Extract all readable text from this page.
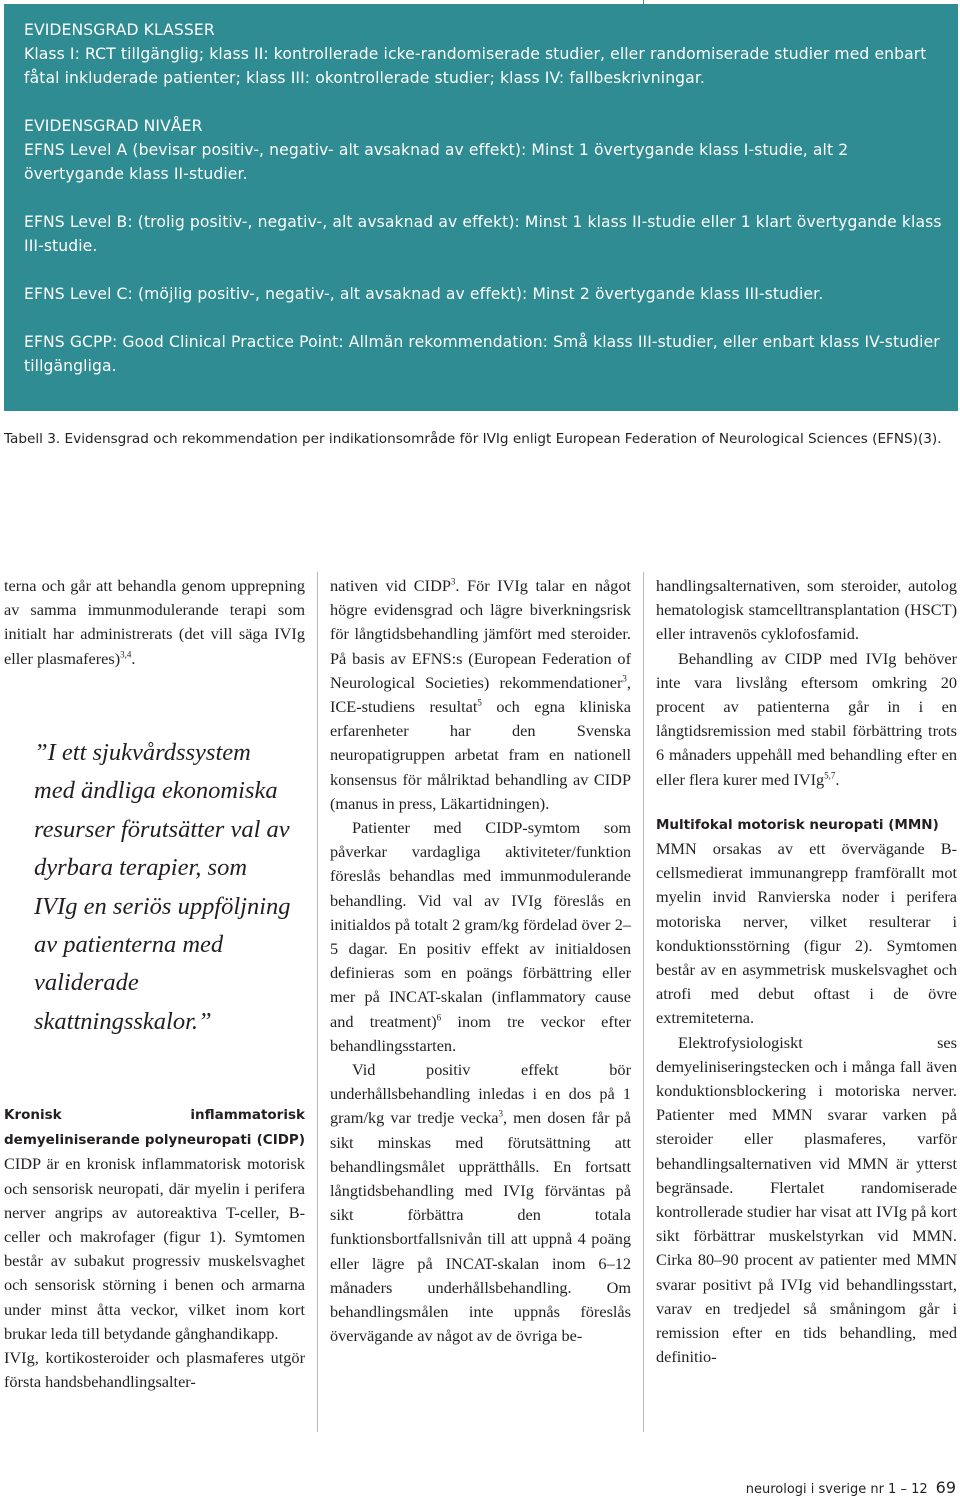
EVIDENSGRAD KLASSER

Klass I: RCT tillgänglig; klass II: kontrollerade icke-randomiserade studier, eller randomiserade studier med enbart fåtal inkluderade patienter; klass III: okontrollerade studier; klass IV: fallbeskrivningar.

EVIDENSGRAD NIVÅER

EFNS Level A (bevisar positiv-, negativ- alt avsaknad av effekt): Minst 1 övertygande klass I-studie, alt 2 övertygande klass II-studier.

EFNS Level B: (trolig positiv-, negativ-, alt avsaknad av effekt): Minst 1 klass II-studie eller 1 klart övertygande klass III-studie.

EFNS Level C: (möjlig positiv-, negativ-, alt avsaknad av effekt): Minst 2 övertygande klass III-studier.

EFNS GCPP: Good Clinical Practice Point: Allmän rekommendation: Små klass III-studier, eller enbart klass IV-studier tillgängliga.

Tabell 3. Evidensgrad och rekommendation per indikationsområde för IVIg enligt European Federation of Neurological Sciences (EFNS)(3).

terna och går att behandla genom upprepning av samma immunmodulerande terapi som initialt har administrerats (det vill säga IVIg eller plasmaferes)$^{3,4}$.

”I ett sjukvårdssystem med ändliga ekonomiska resurser förutsätter val av dyrbara terapier, som IVIg en seriös uppföljning av patienterna med validerade skattningsskalor.”

Kronisk inflammatorisk demyeliniserande polyneuropati (CIDP) CIDP är en kronisk inflammatorisk motorisk och sensorisk neuropati, där myelin i perifera nerver angrips av autoreaktiva T-celler, B-celler och makrofager (figur 1). Symtomen består av subakut progressiv muskelsvaghet och sensorisk störning i benen och armarna under minst åtta veckor, vilket inom kort brukar leda till betydande gånghandikapp.

IVIg, kortikosteroider och plasmaferes utgör första handsbehandlingsalter-

nativen vid CIDP$^3$. För IVIg talar en något högre evidensgrad och lägre biverkningsrisk för långtidsbehandling jämfört med steroider. På basis av EFNS:s (European Federation of Neurological Societies) rekommendationer$^3$, ICE-studiens resultat$^5$ och egna kliniska erfarenheter har den Svenska neuropatigruppen arbetat fram en nationell konsensus för målriktad behandling av CIDP (manus in press, Läkartidningen).

Patienter med CIDP-symtom som påverkar vardagliga aktiviteter/funktion föreslås behandlas med immunmodulerande behandling. Vid val av IVIg föreslås en initialdos på totalt 2 gram/kg fördelad över 2–5 dagar. En positiv effekt av initialdosen definieras som en poängs förbättring eller mer på INCAT-skalan (inflammatory cause and treatment)$^6$ inom tre veckor efter behandlingsstarten.

Vid positiv effekt bör underhållsbehandling inledas i en dos på 1 gram/kg var tredje vecka$^3$, men dosen får på sikt minskas med förutsättning att behandlingsmålet upprätthålls. En fortsatt långtidsbehandling med IVIg förväntas på sikt förbättra den totala funktionsbortfallsnivån till att uppnå 4 poäng eller lägre på INCAT-skalan inom 6–12 månaders underhållsbehandling. Om behandlingsmålen inte uppnås föreslås övervägande av något av de övriga be-

handlingsalternativen, som steroider, autolog hematologisk stamcelltransplantation (HSCT) eller intravenös cyklofosfamid.

Behandling av CIDP med IVIg behöver inte vara livslång eftersom omkring 20 procent av patienterna går in i en långtidsremission med stabil förbättring trots 6 månaders uppehåll med behandling efter en eller flera kurer med IVIg$^{5,7}$.

Multifokal motorisk neuropati (MMN)

MMN orsakas av ett övervägande B-cellsmedierat immunangrepp framförallt mot myelin invid Ranvierska noder i perifera motoriska nerver, vilket resulterar i konduktionsstörning (figur 2). Symtomen består av en asymmetrisk muskelsvaghet och atrofi med debut oftast i de övre extremiteterna.

Elektrofysiologiskt ses demyeliniseringstecken och i många fall även konduktionsblockering i motoriska nerver. Patienter med MMN svarar varken på steroider eller plasmaferes, varför behandlingsalternativen vid MMN är ytterst begränsade. Flertalet randomiserade kontrollerade studier har visat att IVIg på kort sikt förbättrar muskelstyrkan vid MMN. Cirka 80–90 procent av patienter med MMN svarar positivt på IVIg vid behandlingsstart, varav en tredjedel så småningom går i remission efter en tids behandling, med definitio-

neurologi i sverige nr 1 – 12 69
